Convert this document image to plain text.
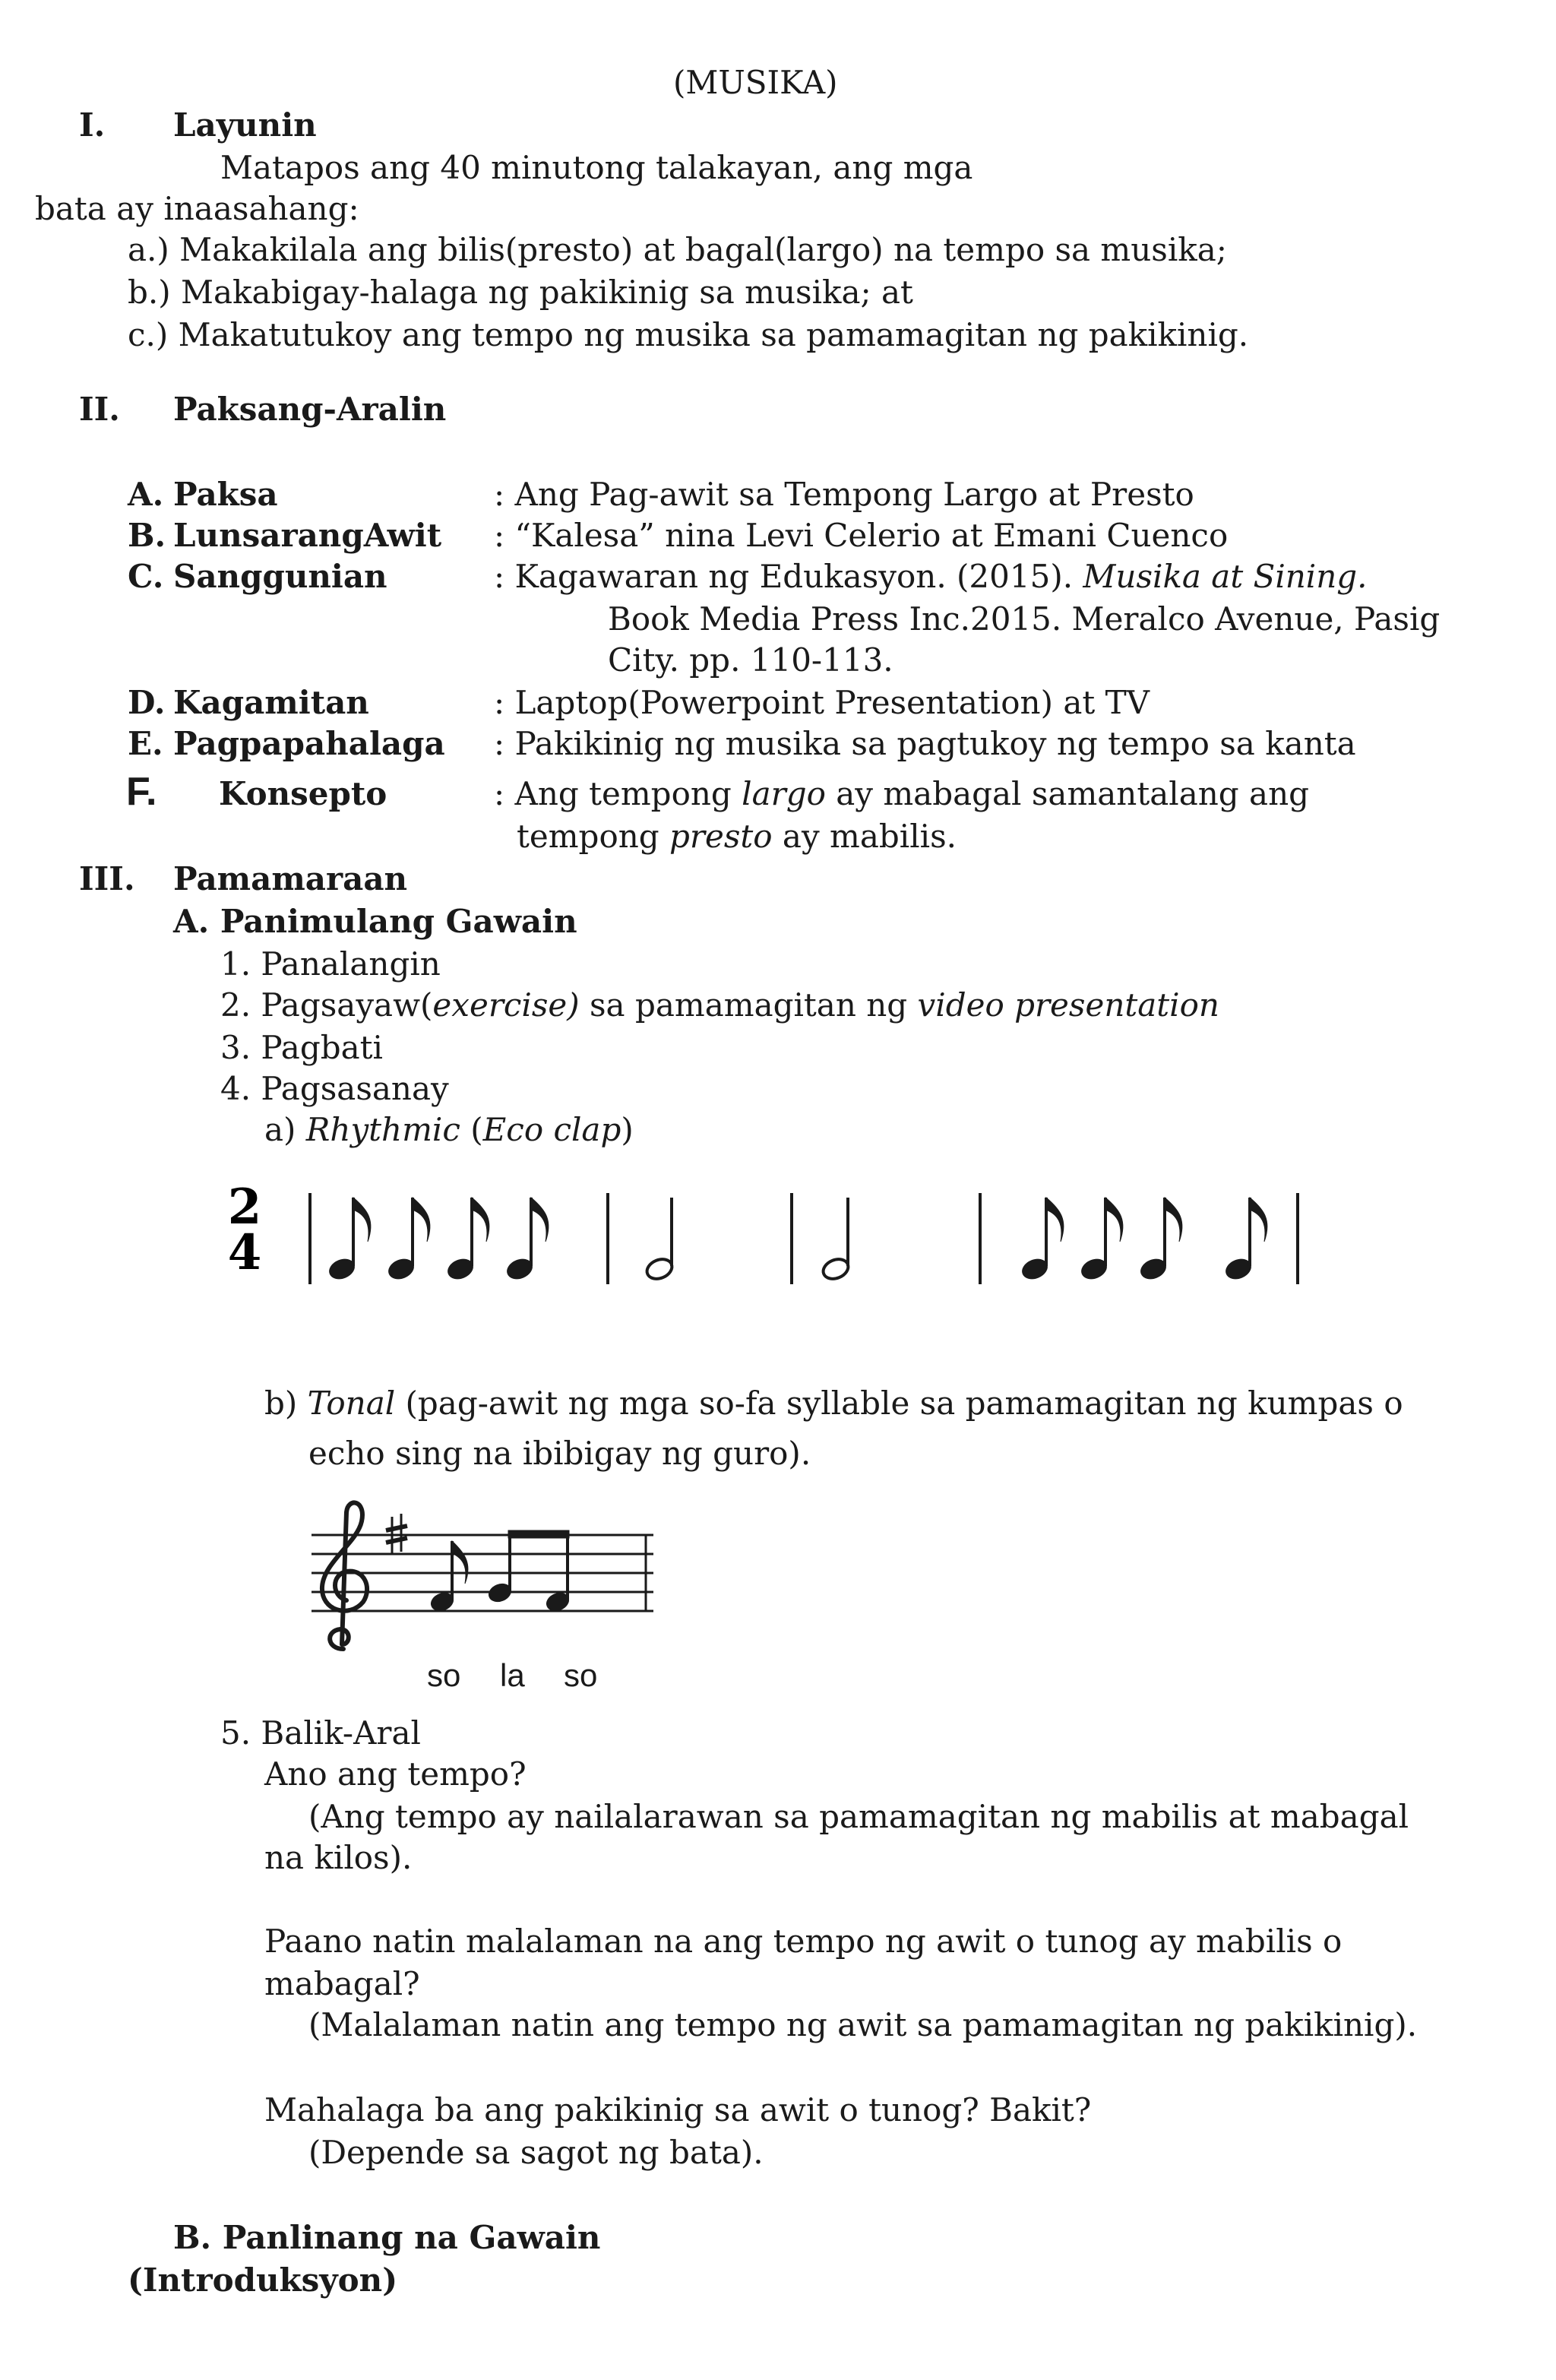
(MUSIKA)
I. Layunin
Matapos ang 40 minutong talakayan, ang mga
bata ay inaasahang:
a.) Makakilala ang bilis(presto) at bagal(largo) na tempo sa musika;
b.) Makabigay-halaga ng pakikinig sa musika; at
c.) Makatutukoy ang tempo ng musika sa pamamagitan ng pakikinig.
II. Paksang-Aralin
A. Paksa	: Ang Pag-awit sa Tempong Largo at Presto
B. LunsarangAwit : “Kalesa” nina Levi Celerio at Emani Cuenco
C. Sanggunian	: Kagawaran ng Edukasyon. (2015). Musika at Sining.
Book Media Press Inc.2015. Meralco Avenue, Pasig
City. pp. 110-113.
D. Kagamitan	: Laptop(Powerpoint Presentation) at TV
E. Pagpapahalaga : Pakikinig ng musika sa pagtukoy ng tempo sa kanta
F. Konsepto	: Ang tempong largo ay mabagal samantalang ang
tempong presto ay mabilis.
III. Pamamaraan
A. Panimulang Gawain
1. Panalangin
2. Pagsayaw(exercise) sa pamamagitan ng video presentation
3. Pagbati
4. Pagsasanay
a) Rhythmic (Eco clap)
2
4
b) Tonal (pag-awit ng mga so-fa syllable sa pamamagitan ng kumpas o
echo sing na ibibigay ng guro).
so la so
5. Balik-Aral
Ano ang tempo?
(Ang tempo ay nailalarawan sa pamamagitan ng mabilis at mabagal
na kilos).
Paano natin malalaman na ang tempo ng awit o tunog ay mabilis o
mabagal?
(Malalaman natin ang tempo ng awit sa pamamagitan ng pakikinig).
Mahalaga ba ang pakikinig sa awit o tunog? Bakit?
(Depende sa sagot ng bata).
B. Panlinang na Gawain
(Introduksyon)
